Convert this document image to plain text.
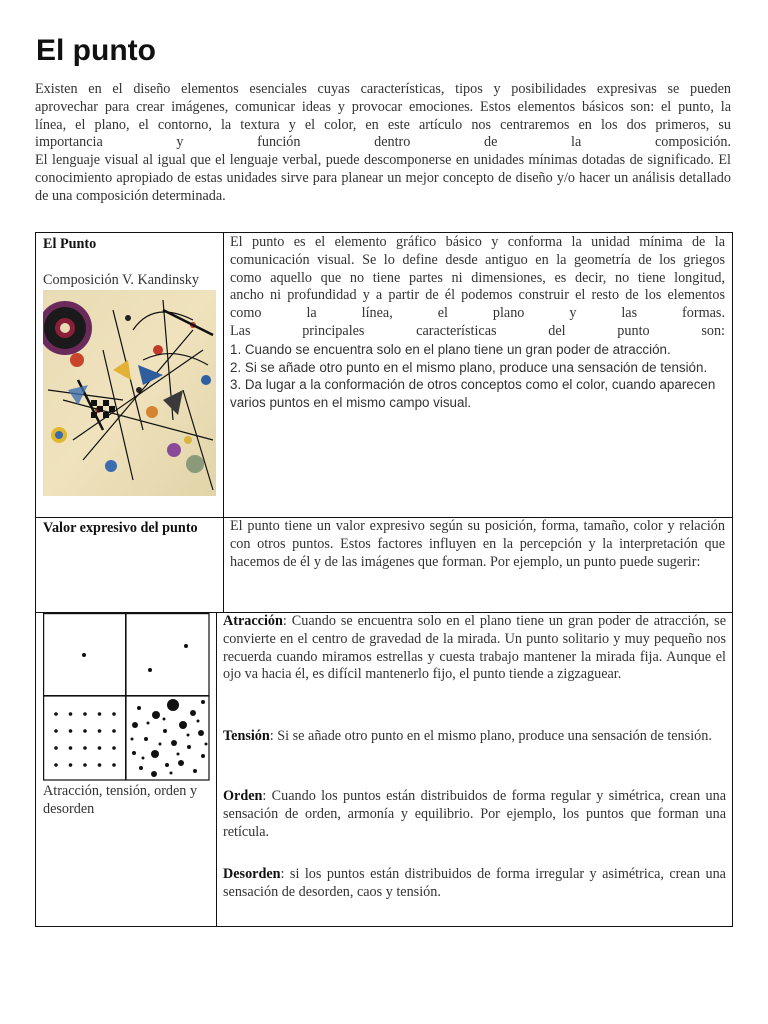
El punto

Existen en el diseño elementos esenciales cuyas características, tipos y posibilidades expresivas se pueden

aprovechar para crear imágenes, comunicar ideas y provocar emociones. Estos elementos básicos son: el punto, la

línea, el plano, el contorno, la textura y el color, en este artículo nos centraremos en los dos primeros, su

importancia y función dentro de la composición.

El lenguaje visual al igual que el lenguaje verbal, puede descomponerse en unidades mínimas dotadas de significado. El conocimiento apropiado de estas unidades sirve para planear un mejor concepto de diseño y/o hacer un análisis detallado de una composición determinada.

El Punto
Composición V. Kandinsky

El punto es el elemento gráfico básico y conforma la unidad mínima de la

comunicación visual. Se lo define desde antiguo en la geometría de los griegos

como aquello que no tiene partes ni dimensiones, es decir, no tiene longitud,

ancho ni profundidad y a partir de él podemos construir el resto de los elementos

como la línea, el plano y las formas.

Las principales características del punto son:

1. Cuando se encuentra solo en el plano tiene un gran poder de atracción.

2. Si se añade otro punto en el mismo plano, produce una sensación de tensión.

3. Da lugar a la conformación de otros conceptos como el color, cuando aparecen varios puntos en el mismo campo visual.

Valor expresivo del punto El punto tiene un valor expresivo según su posición, forma, tamaño, color y relación con otros puntos. Estos factores influyen en la percepción y la interpretación que hacemos de él y de las imágenes que forman. Por ejemplo, un punto puede sugerir:
Atracción, tensión, orden y desorden
Atracción: Cuando se encuentra solo en el plano tiene un gran poder de atracción, se convierte en el centro de gravedad de la mirada. Un punto solitario y muy pequeño nos recuerda cuando miramos estrellas y cuesta trabajo mantener la mirada fija. Aunque el ojo va hacia él, es difícil mantenerlo fijo, el punto tiende a zigzaguear.
Tensión: Si se añade otro punto en el mismo plano, produce una sensación de tensión.
Orden: Cuando los puntos están distribuidos de forma regular y simétrica, crean una sensación de orden, armonía y equilibrio. Por ejemplo, los puntos que forman una retícula.
Desorden: si los puntos están distribuidos de forma irregular y asimétrica, crean una sensación de desorden, caos y tensión.
